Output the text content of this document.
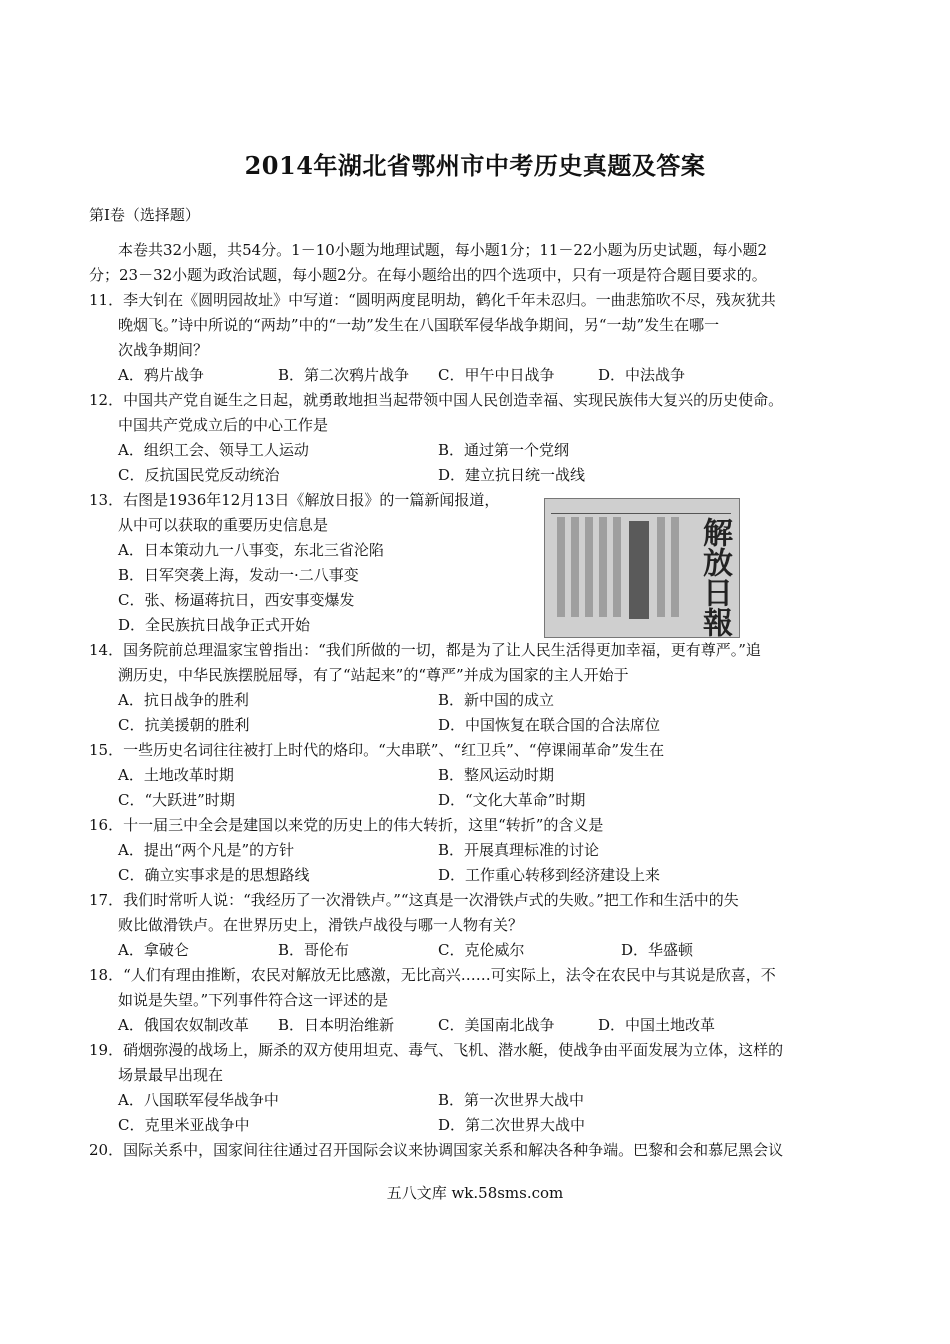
2014年湖北省鄂州市中考历史真题及答案
第Ⅰ卷（选择题）
本卷共32小题，共54分。1－10小题为地理试题，每小题1分；11－22小题为历史试题，每小题2
分；23－32小题为政治试题，每小题2分。在每小题给出的四个选项中，只有一项是符合题目要求的。
11．李大钊在《圆明园故址》中写道：“圆明两度昆明劫，鹤化千年未忍归。一曲悲笳吹不尽，残灰犹共
晚烟飞。”诗中所说的“两劫”中的“一劫”发生在八国联军侵华战争期间，另“一劫”发生在哪一
次战争期间？
A．鸦片战争	B．第二次鸦片战争 C．甲午中日战争	D．中法战争
12．中国共产党自诞生之日起，就勇敢地担当起带领中国人民创造幸福、实现民族伟大复兴的历史使命。
中国共产党成立后的中心工作是
A．组织工会、领导工人运动	B．通过第一个党纲
C．反抗国民党反动统治	D．建立抗日统一战线
13．右图是1936年12月13日《解放日报》的一篇新闻报道，
从中可以获取的重要历史信息是
A．日本策动九一八事变，东北三省沦陷
B．日军突袭上海，发动一·二八事变
C．张、杨逼蒋抗日，西安事变爆发
D．全民族抗日战争正式开始	解放日報
14．国务院前总理温家宝曾指出：“我们所做的一切，都是为了让人民生活得更加幸福，更有尊严。”追
溯历史，中华民族摆脱屈辱，有了“站起来”的“尊严”并成为国家的主人开始于
A．抗日战争的胜利	B．新中国的成立
C．抗美援朝的胜利	D．中国恢复在联合国的合法席位
15．一些历史名词往往被打上时代的烙印。“大串联”、“红卫兵”、“停课闹革命”发生在
A．土地改革时期	B．整风运动时期
C．“大跃进”时期	D．“文化大革命”时期
16．十一届三中全会是建国以来党的历史上的伟大转折，这里“转折”的含义是
A．提出“两个凡是”的方针	B．开展真理标准的讨论
C．确立实事求是的思想路线	D．工作重心转移到经济建设上来
17．我们时常听人说：“我经历了一次滑铁卢。”“这真是一次滑铁卢式的失败。”把工作和生活中的失
败比做滑铁卢。在世界历史上，滑铁卢战役与哪一人物有关？
A．拿破仑	B．哥伦布	C．克伦威尔	D．华盛顿
18．“人们有理由推断，农民对解放无比感激，无比高兴……可实际上，法令在农民中与其说是欣喜，不
如说是失望。”下列事件符合这一评述的是
A．俄国农奴制改革 B．日本明治维新	C．美国南北战争	D．中国土地改革
19．硝烟弥漫的战场上，厮杀的双方使用坦克、毒气、飞机、潜水艇，使战争由平面发展为立体，这样的
场景最早出现在
A．八国联军侵华战争中	B．第一次世界大战中
C．克里米亚战争中	D．第二次世界大战中
20．国际关系中，国家间往往通过召开国际会议来协调国家关系和解决各种争端。巴黎和会和慕尼黑会议
五八文库 wk.58sms.com
